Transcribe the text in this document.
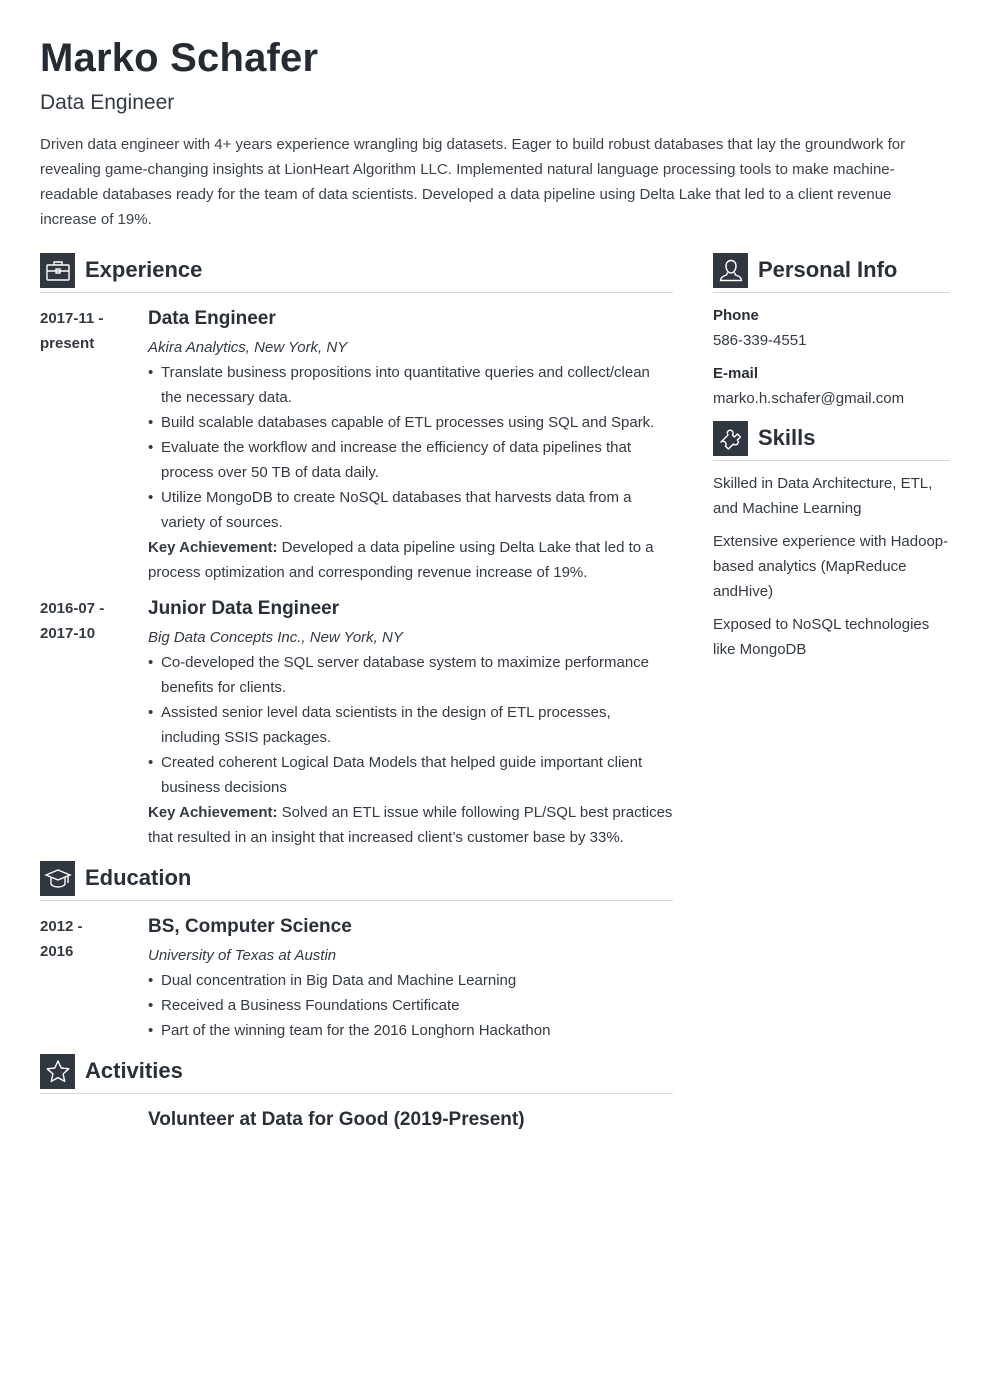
Marko Schafer
Data Engineer

Driven data engineer with 4+ years experience wrangling big datasets. Eager to build robust databases that lay the groundwork for revealing game-changing insights at LionHeart Algorithm LLC. Implemented natural language processing tools to make machine-readable databases ready for the team of data scientists. Developed a data pipeline using Delta Lake that led to a client revenue increase of 19%.

Experience
2017-11 -
present
Data Engineer
Akira Analytics, New York, NY
• Translate business propositions into quantitative queries and collect/clean the necessary data.
• Build scalable databases capable of ETL processes using SQL and Spark.
• Evaluate the workflow and increase the efficiency of data pipelines that process over 50 TB of data daily.
• Utilize MongoDB to create NoSQL databases that harvests data from a variety of sources.
Key Achievement: Developed a data pipeline using Delta Lake that led to a process optimization and corresponding revenue increase of 19%.
2016-07 -
2017-10
Junior Data Engineer
Big Data Concepts Inc., New York, NY
• Co-developed the SQL server database system to maximize performance benefits for clients.
• Assisted senior level data scientists in the design of ETL processes, including SSIS packages.
• Created coherent Logical Data Models that helped guide important client business decisions
Key Achievement: Solved an ETL issue while following PL/SQL best practices that resulted in an insight that increased client’s customer base by 33%.
Education
2012 -
2016
BS, Computer Science
University of Texas at Austin
• Dual concentration in Big Data and Machine Learning
• Received a Business Foundations Certificate
• Part of the winning team for the 2016 Longhorn Hackathon
Activities
Volunteer at Data for Good (2019-Present)
Personal Info
Phone
586-339-4551
E-mail
marko.h.schafer@gmail.com
Skills
Skilled in Data Architecture, ETL, and Machine Learning
Extensive experience with Hadoop-based analytics (MapReduce andHive)
Exposed to NoSQL technologies like MongoDB
